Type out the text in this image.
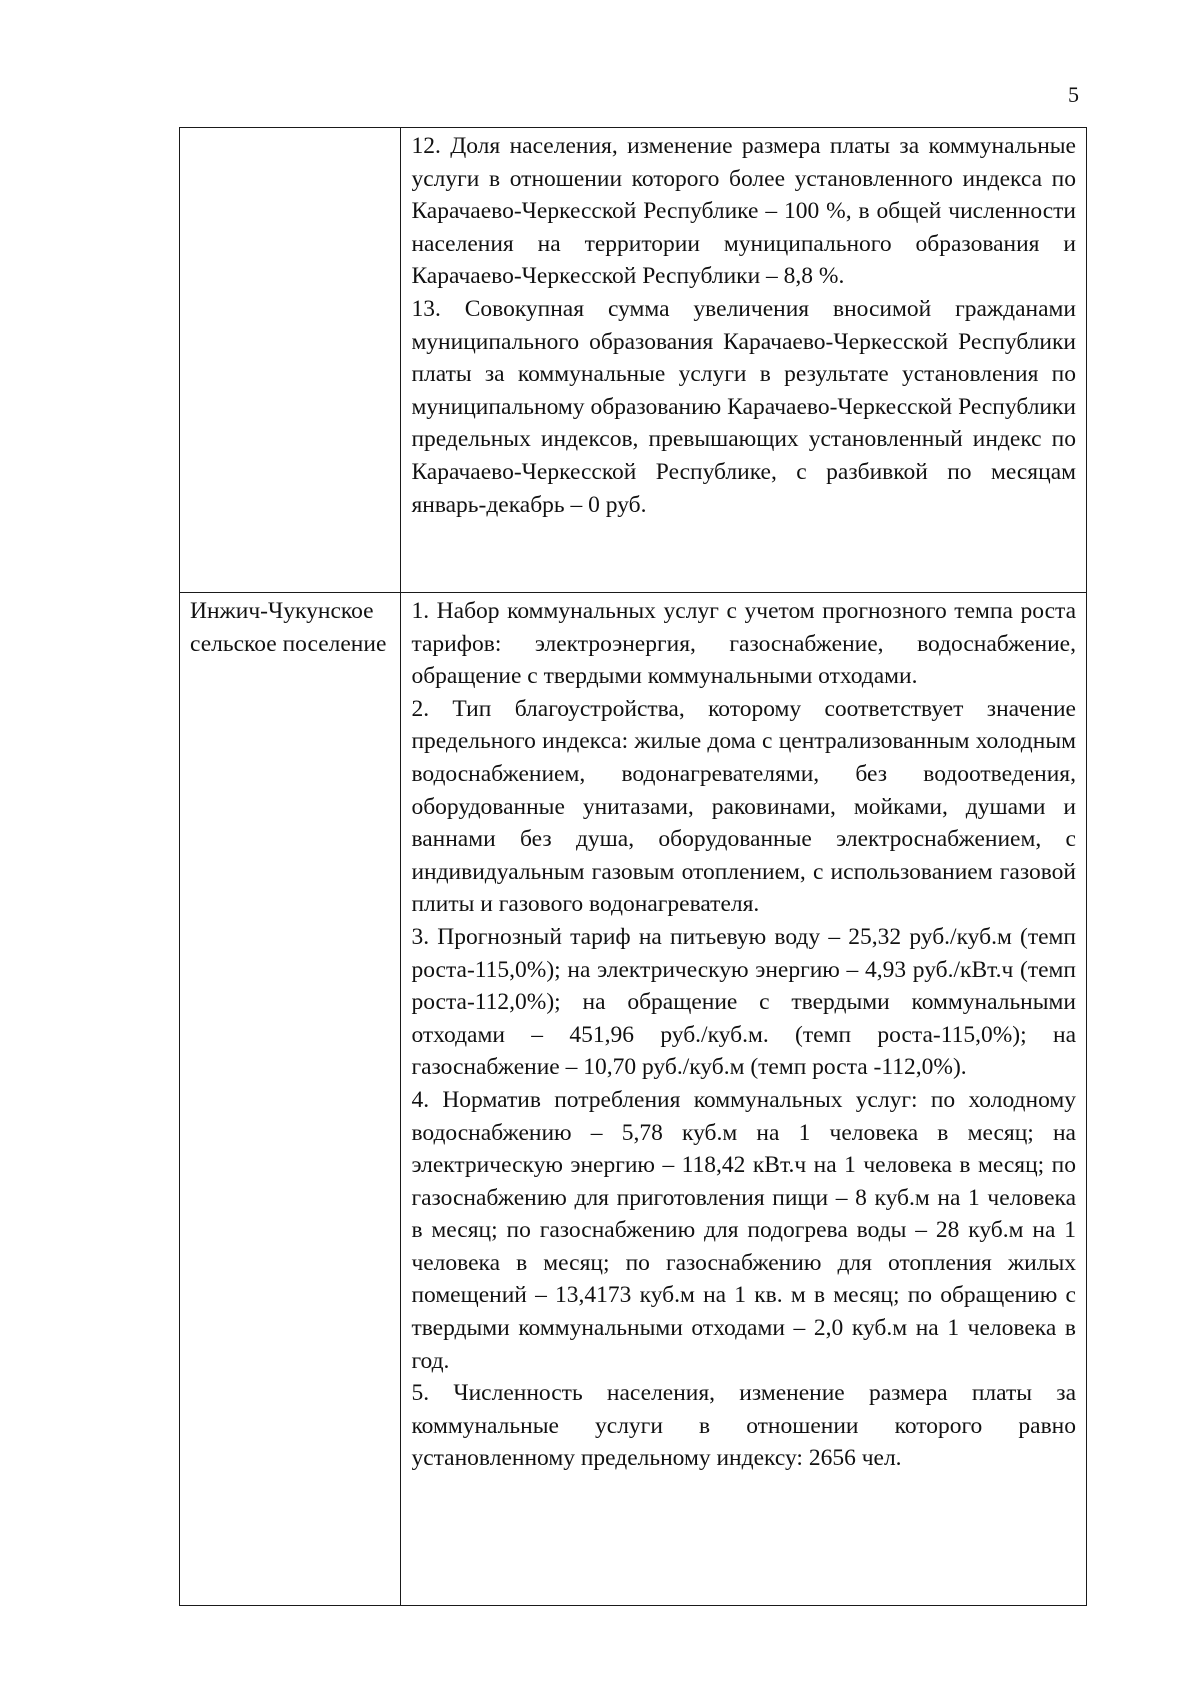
5

	12. Доля населения, изменение размера платы за коммунальные услуги в отношении которого более установленного индекса по Карачаево-Черкесской Республике – 100 %, в общей численности населения на территории муниципального образования и Карачаево-Черкесской Республики – 8,8 %.

13. Совокупная сумма увеличения вносимой гражданами муниципального образования Карачаево-Черкесской Республики платы за коммунальные услуги в результате установления по муниципальному образованию Карачаево-Черкесской Республики предельных индексов, превышающих установленный индекс по Карачаево-Черкесской Республике, с разбивкой по месяцам январь-декабрь – 0 руб.

Инжич-Чукунское сельское поселение	1. Набор коммунальных услуг с учетом прогнозного темпа роста тарифов: электроэнергия, газоснабжение, водоснабжение, обращение с твердыми коммунальными отходами.

2. Тип благоустройства, которому соответствует значение предельного индекса: жилые дома с централизованным холодным водоснабжением, водонагревателями, без водоотведения, оборудованные унитазами, раковинами, мойками, душами и ваннами без душа, оборудованные электроснабжением, с индивидуальным газовым отоплением, с использованием газовой плиты и газового водонагревателя.

3. Прогнозный тариф на питьевую воду – 25,32 руб./куб.м (темп роста-115,0%); на электрическую энергию – 4,93 руб./кВт.ч (темп роста-112,0%); на обращение с твердыми коммунальными отходами – 451,96 руб./куб.м. (темп роста-115,0%); на газоснабжение – 10,70 руб./куб.м (темп роста -112,0%).

4. Норматив потребления коммунальных услуг: по холодному водоснабжению – 5,78 куб.м на 1 человека в месяц; на электрическую энергию – 118,42 кВт.ч на 1 человека в месяц; по газоснабжению для приготовления пищи – 8 куб.м на 1 человека в месяц; по газоснабжению для подогрева воды – 28 куб.м на 1 человека в месяц; по газоснабжению для отопления жилых помещений – 13,4173 куб.м на 1 кв. м в месяц; по обращению с твердыми коммунальными отходами – 2,0 куб.м на 1 человека в год.

5. Численность населения, изменение размера платы за коммунальные услуги в отношении которого равно установленному предельному индексу: 2656 чел.
